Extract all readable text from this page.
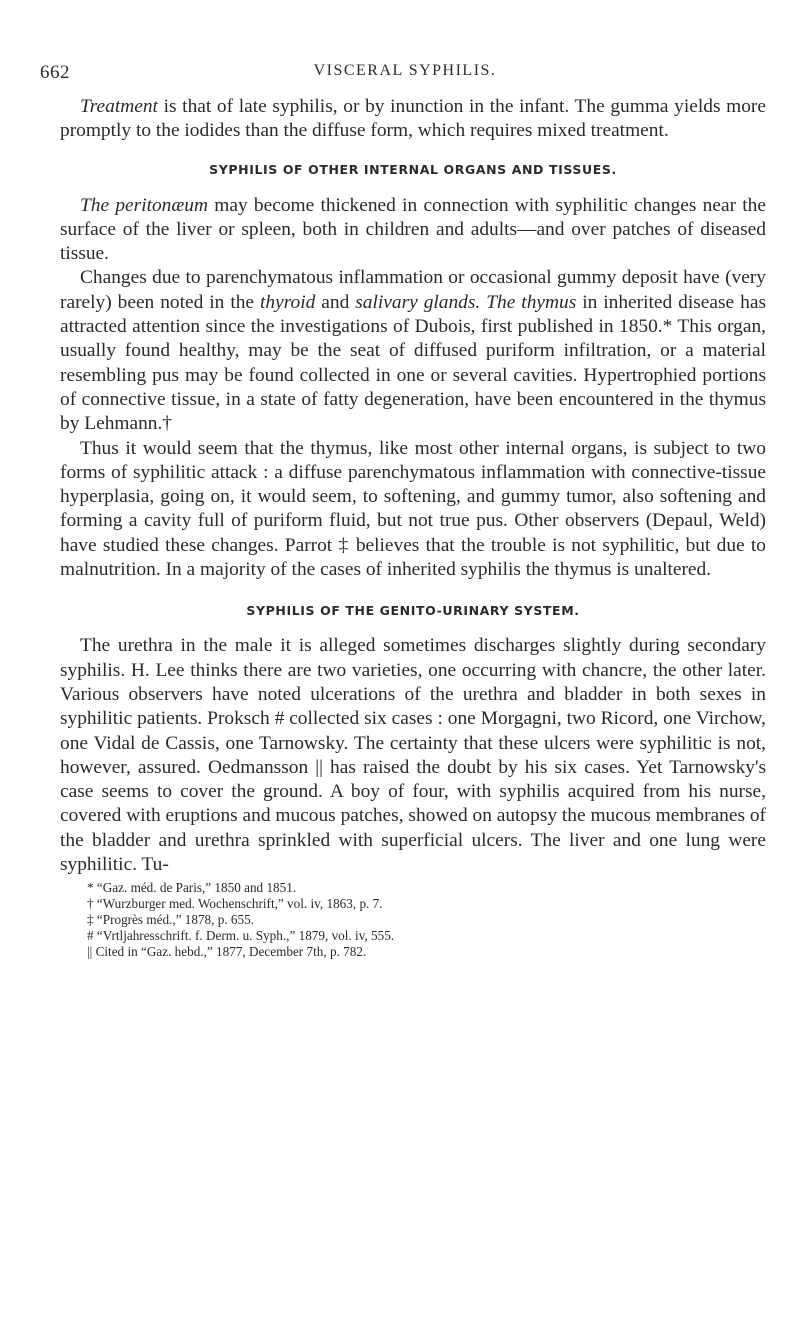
662	VISCERAL SYPHILIS.

Treatment is that of late syphilis, or by inunction in the infant. The gumma yields more promptly to the iodides than the diffuse form, which requires mixed treatment.

SYPHILIS OF OTHER INTERNAL ORGANS AND TISSUES.

The peritonæum may become thickened in connection with syphilitic changes near the surface of the liver or spleen, both in children and adults—and over patches of diseased tissue.

Changes due to parenchymatous inflammation or occasional gummy deposit have (very rarely) been noted in the thyroid and salivary glands. The thymus in inherited disease has attracted attention since the investigations of Dubois, first published in 1850.* This organ, usually found healthy, may be the seat of diffused puriform infiltration, or a material resembling pus may be found collected in one or several cavities. Hypertrophied portions of connective tissue, in a state of fatty degeneration, have been encountered in the thymus by Lehmann.†

Thus it would seem that the thymus, like most other internal organs, is subject to two forms of syphilitic attack : a diffuse parenchymatous inflammation with connective-tissue hyperplasia, going on, it would seem, to softening, and gummy tumor, also softening and forming a cavity full of puriform fluid, but not true pus. Other observers (Depaul, Weld) have studied these changes. Parrot ‡ believes that the trouble is not syphilitic, but due to malnutrition. In a majority of the cases of inherited syphilis the thymus is unaltered.

SYPHILIS OF THE GENITO-URINARY SYSTEM.

The urethra in the male it is alleged sometimes discharges slightly during secondary syphilis. H. Lee thinks there are two varieties, one occurring with chancre, the other later. Various observers have noted ulcerations of the urethra and bladder in both sexes in syphilitic patients. Proksch # collected six cases : one Morgagni, two Ricord, one Virchow, one Vidal de Cassis, one Tarnowsky. The certainty that these ulcers were syphilitic is not, however, assured. Oedmansson || has raised the doubt by his six cases. Yet Tarnowsky's case seems to cover the ground. A boy of four, with syphilis acquired from his nurse, covered with eruptions and mucous patches, showed on autopsy the mucous membranes of the bladder and urethra sprinkled with superficial ulcers. The liver and one lung were syphilitic. Tu-

* “Gaz. méd. de Paris,” 1850 and 1851.
† “Wurzburger med. Wochenschrift,” vol. iv, 1863, p. 7.
‡ “Progrès méd.,” 1878, p. 655.
# “Vrtljahresschrift. f. Derm. u. Syph.,” 1879, vol. iv, 555.
|| Cited in “Gaz. hebd.,” 1877, December 7th, p. 782.
